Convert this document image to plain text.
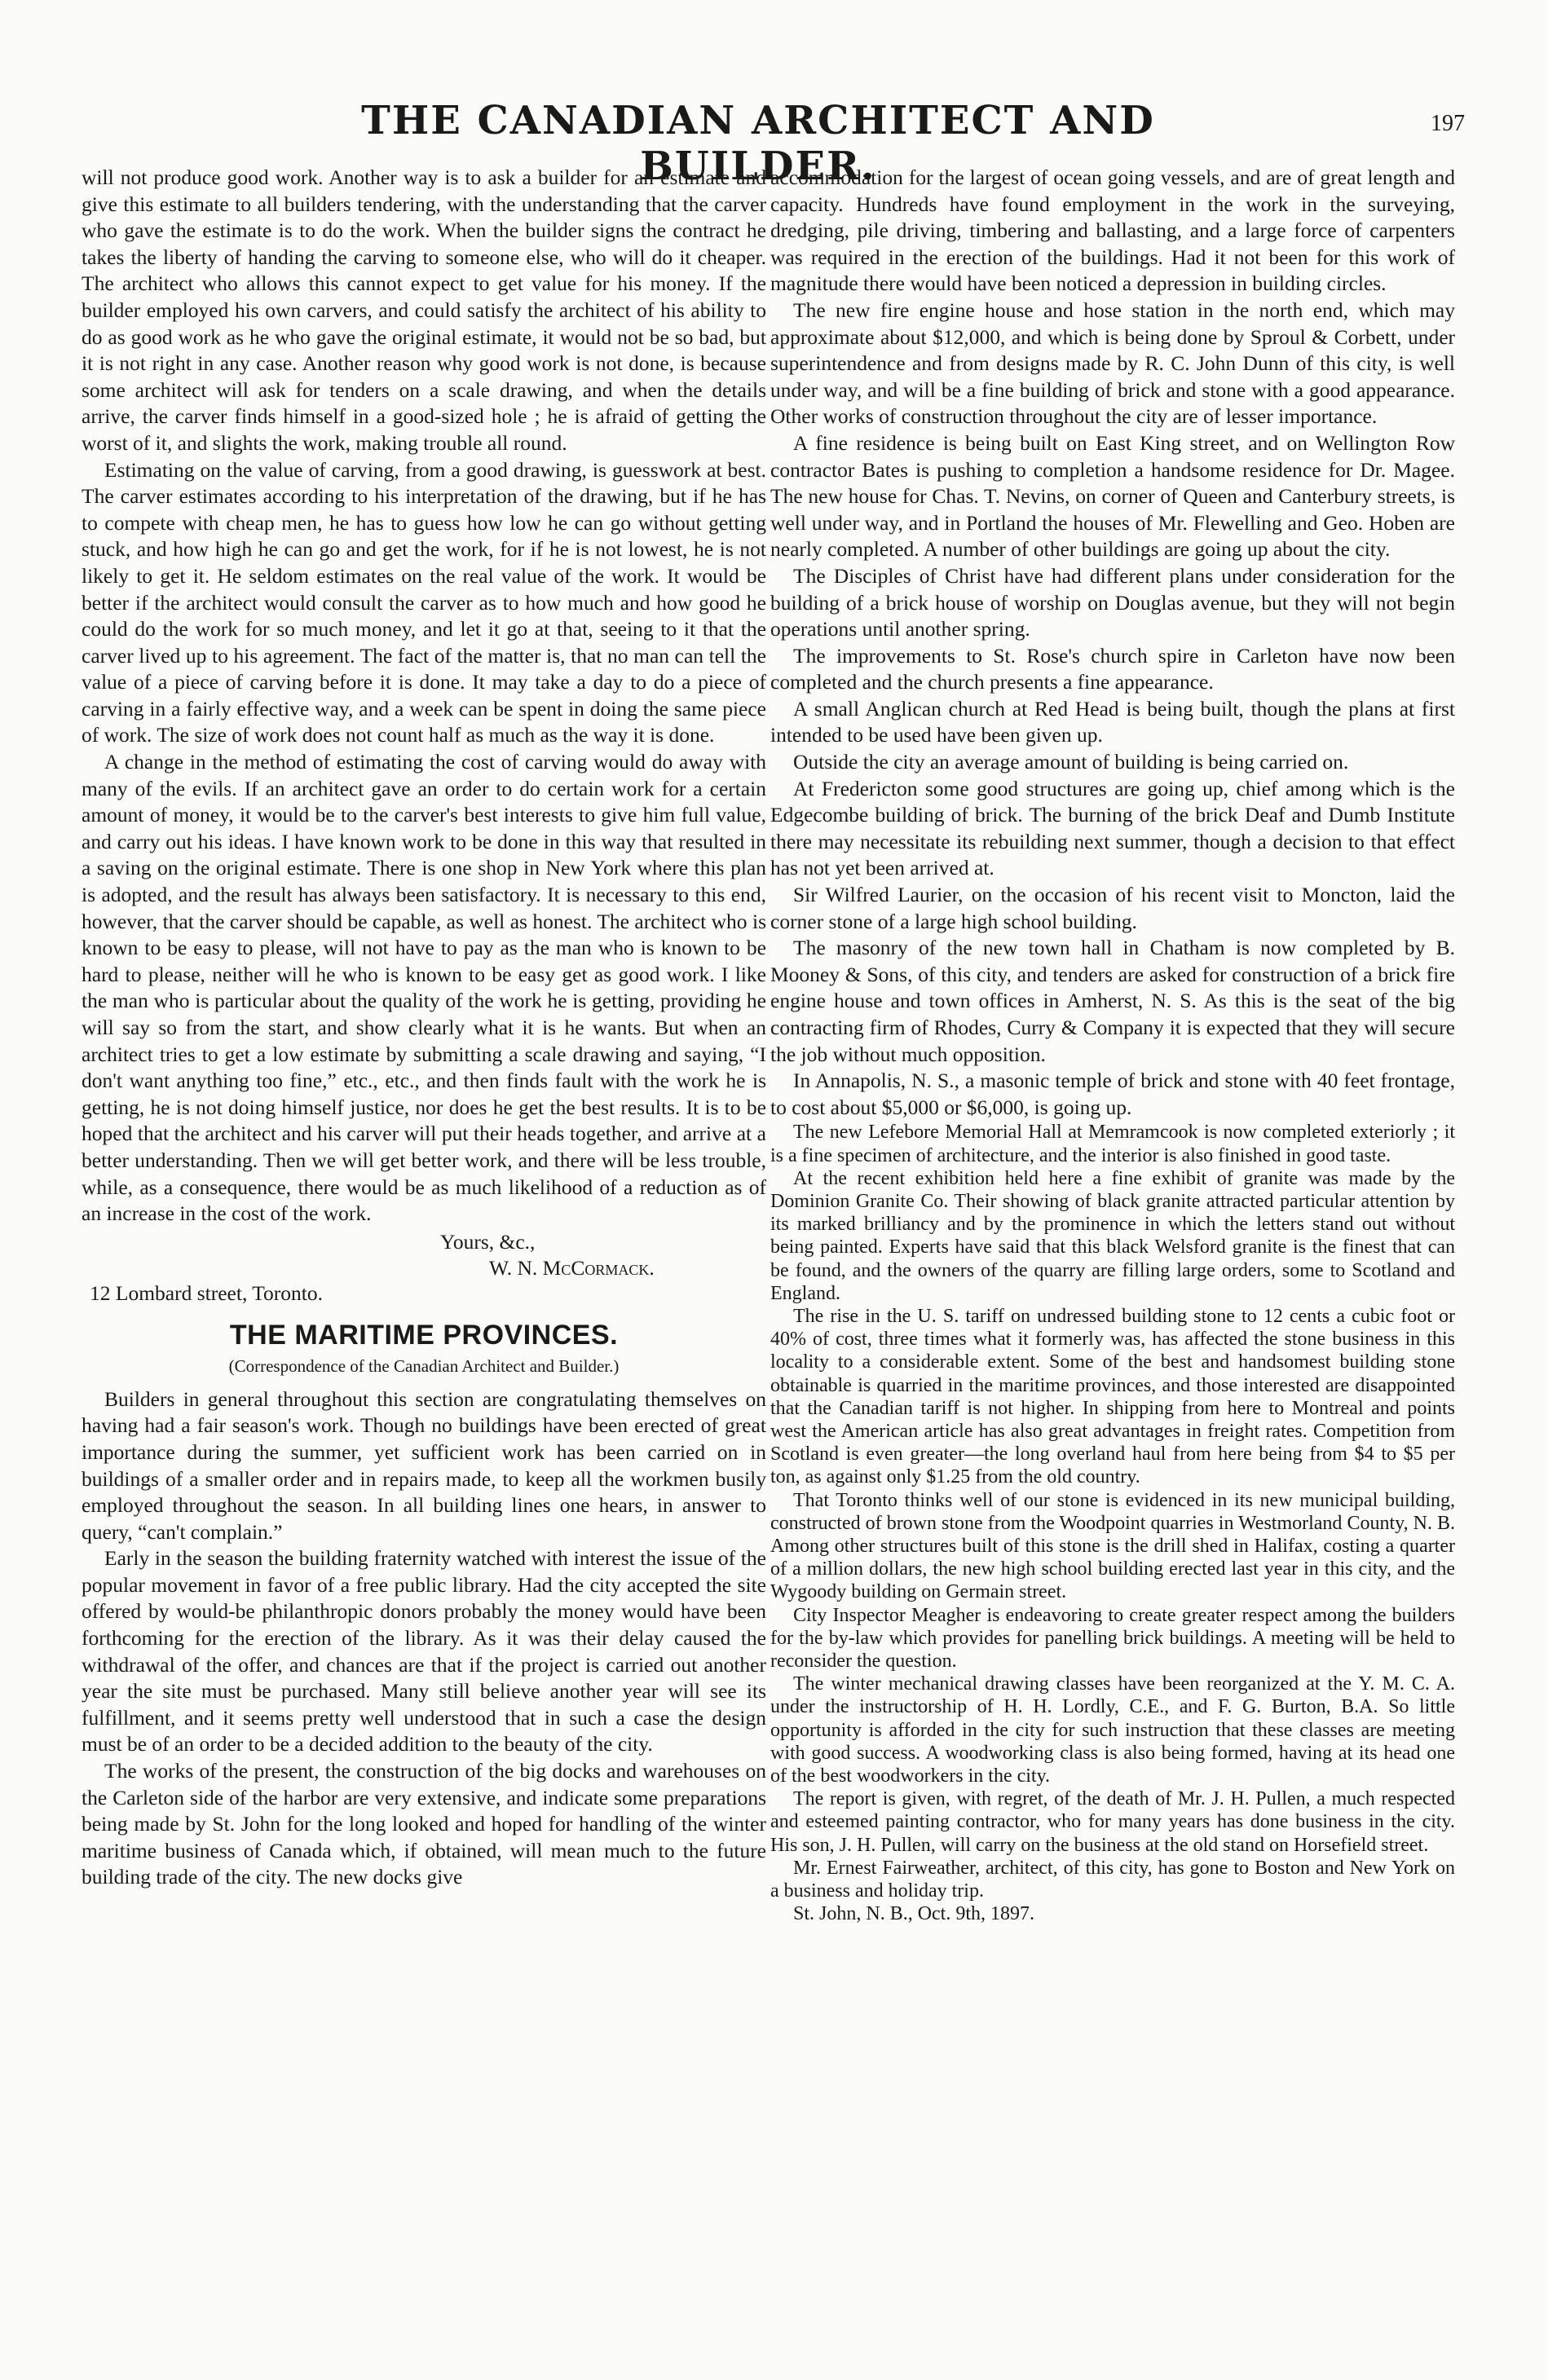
THE CANADIAN ARCHITECT AND BUILDER.
197

will not produce good work. Another way is to ask a builder for an estimate and give this estimate to all builders tendering, with the understanding that the carver who gave the estimate is to do the work. When the builder signs the contract he takes the liberty of handing the carving to someone else, who will do it cheaper. The architect who allows this cannot expect to get value for his money. If the builder employed his own carvers, and could satisfy the architect of his ability to do as good work as he who gave the original estimate, it would not be so bad, but it is not right in any case. Another reason why good work is not done, is because some architect will ask for tenders on a scale drawing, and when the details arrive, the carver finds himself in a good-sized hole ; he is afraid of getting the worst of it, and slights the work, making trouble all round.

Estimating on the value of carving, from a good drawing, is guesswork at best. The carver estimates according to his interpretation of the drawing, but if he has to compete with cheap men, he has to guess how low he can go without getting stuck, and how high he can go and get the work, for if he is not lowest, he is not likely to get it. He seldom estimates on the real value of the work. It would be better if the architect would consult the carver as to how much and how good he could do the work for so much money, and let it go at that, seeing to it that the carver lived up to his agreement. The fact of the matter is, that no man can tell the value of a piece of carving before it is done. It may take a day to do a piece of carving in a fairly effective way, and a week can be spent in doing the same piece of work. The size of work does not count half as much as the way it is done.

A change in the method of estimating the cost of carving would do away with many of the evils. If an architect gave an order to do certain work for a certain amount of money, it would be to the carver's best interests to give him full value, and carry out his ideas. I have known work to be done in this way that resulted in a saving on the original estimate. There is one shop in New York where this plan is adopted, and the result has always been satisfactory. It is necessary to this end, however, that the carver should be capable, as well as honest. The architect who is known to be easy to please, will not have to pay as the man who is known to be hard to please, neither will he who is known to be easy get as good work. I like the man who is particular about the quality of the work he is getting, providing he will say so from the start, and show clearly what it is he wants. But when an architect tries to get a low estimate by submitting a scale drawing and saying, “I don't want anything too fine,” etc., etc., and then finds fault with the work he is getting, he is not doing himself justice, nor does he get the best results. It is to be hoped that the architect and his carver will put their heads together, and arrive at a better understanding. Then we will get better work, and there will be less trouble, while, as a consequence, there would be as much likelihood of a reduction as of an increase in the cost of the work.

Yours, &c.,
W. N. McCormack.
12 Lombard street, Toronto.
THE MARITIME PROVINCES.
(Correspondence of the Canadian Architect and Builder.)

Builders in general throughout this section are congratulating themselves on having had a fair season's work. Though no buildings have been erected of great importance during the summer, yet sufficient work has been carried on in buildings of a smaller order and in repairs made, to keep all the workmen busily employed throughout the season. In all building lines one hears, in answer to query, “can't complain.”

Early in the season the building fraternity watched with interest the issue of the popular movement in favor of a free public library. Had the city accepted the site offered by would-be philanthropic donors probably the money would have been forthcoming for the erection of the library. As it was their delay caused the withdrawal of the offer, and chances are that if the project is carried out another year the site must be purchased. Many still believe another year will see its fulfillment, and it seems pretty well understood that in such a case the design must be of an order to be a decided addition to the beauty of the city.

The works of the present, the construction of the big docks and warehouses on the Carleton side of the harbor are very extensive, and indicate some preparations being made by St. John for the long looked and hoped for handling of the winter maritime business of Canada which, if obtained, will mean much to the future building trade of the city. The new docks give

accommodation for the largest of ocean going vessels, and are of great length and capacity. Hundreds have found employment in the work in the surveying, dredging, pile driving, timbering and ballasting, and a large force of carpenters was required in the erection of the buildings. Had it not been for this work of magnitude there would have been noticed a depression in building circles.

The new fire engine house and hose station in the north end, which may approximate about $12,000, and which is being done by Sproul & Corbett, under superintendence and from designs made by R. C. John Dunn of this city, is well under way, and will be a fine building of brick and stone with a good appearance. Other works of construction throughout the city are of lesser importance.

A fine residence is being built on East King street, and on Wellington Row contractor Bates is pushing to completion a handsome residence for Dr. Magee. The new house for Chas. T. Nevins, on corner of Queen and Canterbury streets, is well under way, and in Portland the houses of Mr. Flewelling and Geo. Hoben are nearly completed. A number of other buildings are going up about the city.

The Disciples of Christ have had different plans under consideration for the building of a brick house of worship on Douglas avenue, but they will not begin operations until another spring.

The improvements to St. Rose's church spire in Carleton have now been completed and the church presents a fine appearance.

A small Anglican church at Red Head is being built, though the plans at first intended to be used have been given up.

Outside the city an average amount of building is being carried on.

At Fredericton some good structures are going up, chief among which is the Edgecombe building of brick. The burning of the brick Deaf and Dumb Institute there may necessitate its rebuilding next summer, though a decision to that effect has not yet been arrived at.

Sir Wilfred Laurier, on the occasion of his recent visit to Moncton, laid the corner stone of a large high school building.

The masonry of the new town hall in Chatham is now completed by B. Mooney & Sons, of this city, and tenders are asked for construction of a brick fire engine house and town offices in Amherst, N. S. As this is the seat of the big contracting firm of Rhodes, Curry & Company it is expected that they will secure the job without much opposition.

In Annapolis, N. S., a masonic temple of brick and stone with 40 feet frontage, to cost about $5,000 or $6,000, is going up.

The new Lefebore Memorial Hall at Memramcook is now completed exteriorly ; it is a fine specimen of architecture, and the interior is also finished in good taste.

At the recent exhibition held here a fine exhibit of granite was made by the Dominion Granite Co. Their showing of black granite attracted particular attention by its marked brilliancy and by the prominence in which the letters stand out without being painted. Experts have said that this black Welsford granite is the finest that can be found, and the owners of the quarry are filling large orders, some to Scotland and England.

The rise in the U. S. tariff on undressed building stone to 12 cents a cubic foot or 40% of cost, three times what it formerly was, has affected the stone business in this locality to a considerable extent. Some of the best and handsomest building stone obtainable is quarried in the maritime provinces, and those interested are disappointed that the Canadian tariff is not higher. In shipping from here to Montreal and points west the American article has also great advantages in freight rates. Competition from Scotland is even greater—the long overland haul from here being from $4 to $5 per ton, as against only $1.25 from the old country.

That Toronto thinks well of our stone is evidenced in its new municipal building, constructed of brown stone from the Woodpoint quarries in Westmorland County, N. B. Among other structures built of this stone is the drill shed in Halifax, costing a quarter of a million dollars, the new high school building erected last year in this city, and the Wygoody building on Germain street.

City Inspector Meagher is endeavoring to create greater respect among the builders for the by-law which provides for panelling brick buildings. A meeting will be held to reconsider the question.

The winter mechanical drawing classes have been reorganized at the Y. M. C. A. under the instructorship of H. H. Lordly, C.E., and F. G. Burton, B.A. So little opportunity is afforded in the city for such instruction that these classes are meeting with good success. A woodworking class is also being formed, having at its head one of the best woodworkers in the city.

The report is given, with regret, of the death of Mr. J. H. Pullen, a much respected and esteemed painting contractor, who for many years has done business in the city. His son, J. H. Pullen, will carry on the business at the old stand on Horsefield street.

Mr. Ernest Fairweather, architect, of this city, has gone to Boston and New York on a business and holiday trip.

St. John, N. B., Oct. 9th, 1897.
